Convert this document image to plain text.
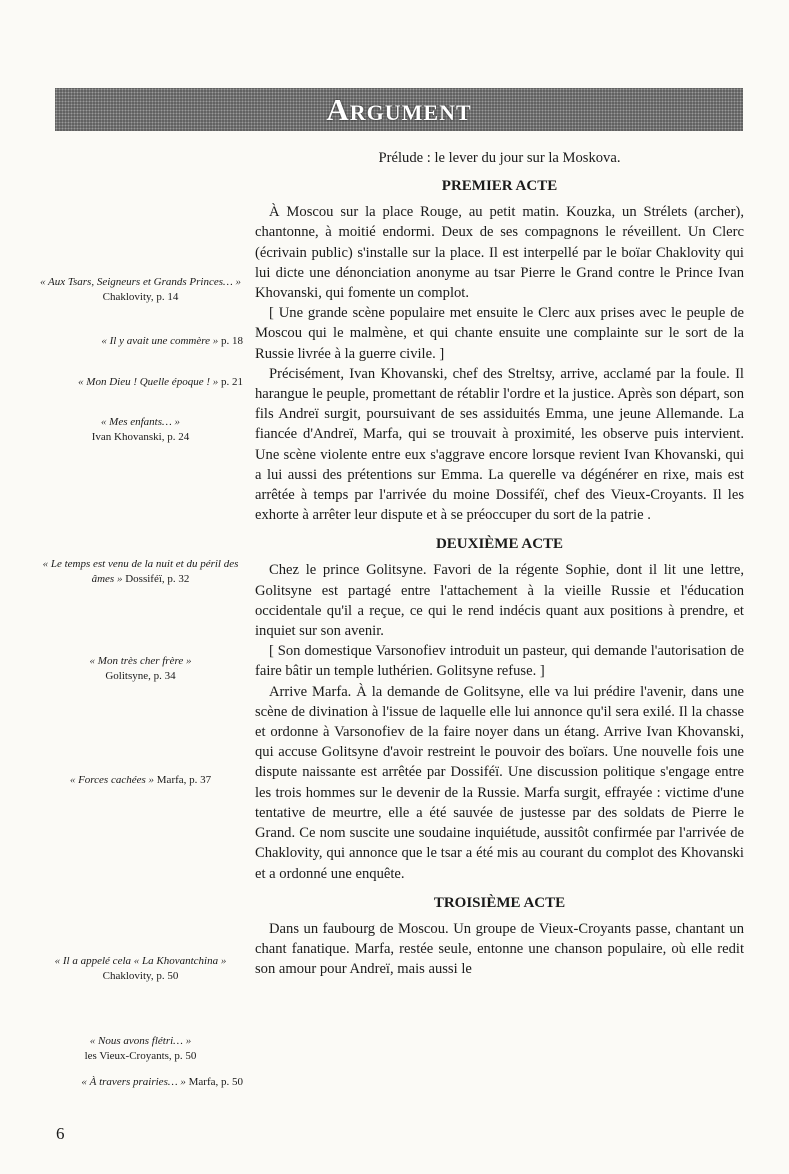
Argument
« Aux Tsars, Seigneurs et Grands Princes… » Chaklovity, p. 14
« Il y avait une commère » p. 18
« Mon Dieu ! Quelle époque ! » p. 21
« Mes enfants… »
Ivan Khovanski, p. 24
« Le temps est venu de la nuit et du péril des âmes » Dossiféï, p. 32
« Mon très cher frère »
Golitsyne, p. 34
« Forces cachées » Marfa, p. 37
« Il a appelé cela « La Khovantchina » Chaklovity, p. 50
« Nous avons flétri… »
les Vieux-Croyants, p. 50
« À travers prairies… » Marfa, p. 50

Prélude : le lever du jour sur la Moskova.

PREMIER ACTE

À Moscou sur la place Rouge, au petit matin. Kouzka, un Strélets (archer), chantonne, à moitié endormi. Deux de ses compagnons le réveillent. Un Clerc (écrivain public) s'installe sur la place. Il est interpellé par le boïar Chaklovity qui lui dicte une dénonciation anonyme au tsar Pierre le Grand contre le Prince Ivan Khovanski, qui fomente un complot.

[ Une grande scène populaire met ensuite le Clerc aux prises avec le peuple de Moscou qui le malmène, et qui chante ensuite une complainte sur le sort de la Russie livrée à la guerre civile. ]

Précisément, Ivan Khovanski, chef des Streltsy, arrive, acclamé par la foule. Il harangue le peuple, promettant de rétablir l'ordre et la justice. Après son départ, son fils Andreï surgit, poursuivant de ses assiduités Emma, une jeune Allemande. La fiancée d'Andreï, Marfa, qui se trouvait à proximité, les observe puis intervient. Une scène violente entre eux s'aggrave encore lorsque revient Ivan Khovanski, qui a lui aussi des prétentions sur Emma. La querelle va dégénérer en rixe, mais est arrêtée à temps par l'arrivée du moine Dossiféï, chef des Vieux-Croyants. Il les exhorte à arrêter leur dispute et à se préoccuper du sort de la patrie .

DEUXIÈME ACTE

Chez le prince Golitsyne. Favori de la régente Sophie, dont il lit une lettre, Golitsyne est partagé entre l'attachement à la vieille Russie et l'éducation occidentale qu'il a reçue, ce qui le rend indécis quant aux positions à prendre, et inquiet sur son avenir.

[ Son domestique Varsonofiev introduit un pasteur, qui demande l'autorisation de faire bâtir un temple luthérien. Golitsyne refuse. ]

Arrive Marfa. À la demande de Golitsyne, elle va lui prédire l'avenir, dans une scène de divination à l'issue de laquelle elle lui annonce qu'il sera exilé. Il la chasse et ordonne à Varsonofiev de la faire noyer dans un étang. Arrive Ivan Khovanski, qui accuse Golitsyne d'avoir restreint le pouvoir des boïars. Une nouvelle fois une dispute naissante est arrêtée par Dossiféï. Une discussion politique s'engage entre les trois hommes sur le devenir de la Russie. Marfa surgit, effrayée : victime d'une tentative de meurtre, elle a été sauvée de justesse par des soldats de Pierre le Grand. Ce nom suscite une soudaine inquiétude, aussitôt confirmée par l'arrivée de Chaklovity, qui annonce que le tsar a été mis au courant du complot des Khovanski et a ordonné une enquête.

TROISIÈME ACTE

Dans un faubourg de Moscou. Un groupe de Vieux-Croyants passe, chantant un chant fanatique. Marfa, restée seule, entonne une chanson populaire, où elle redit son amour pour Andreï, mais aussi le

6
